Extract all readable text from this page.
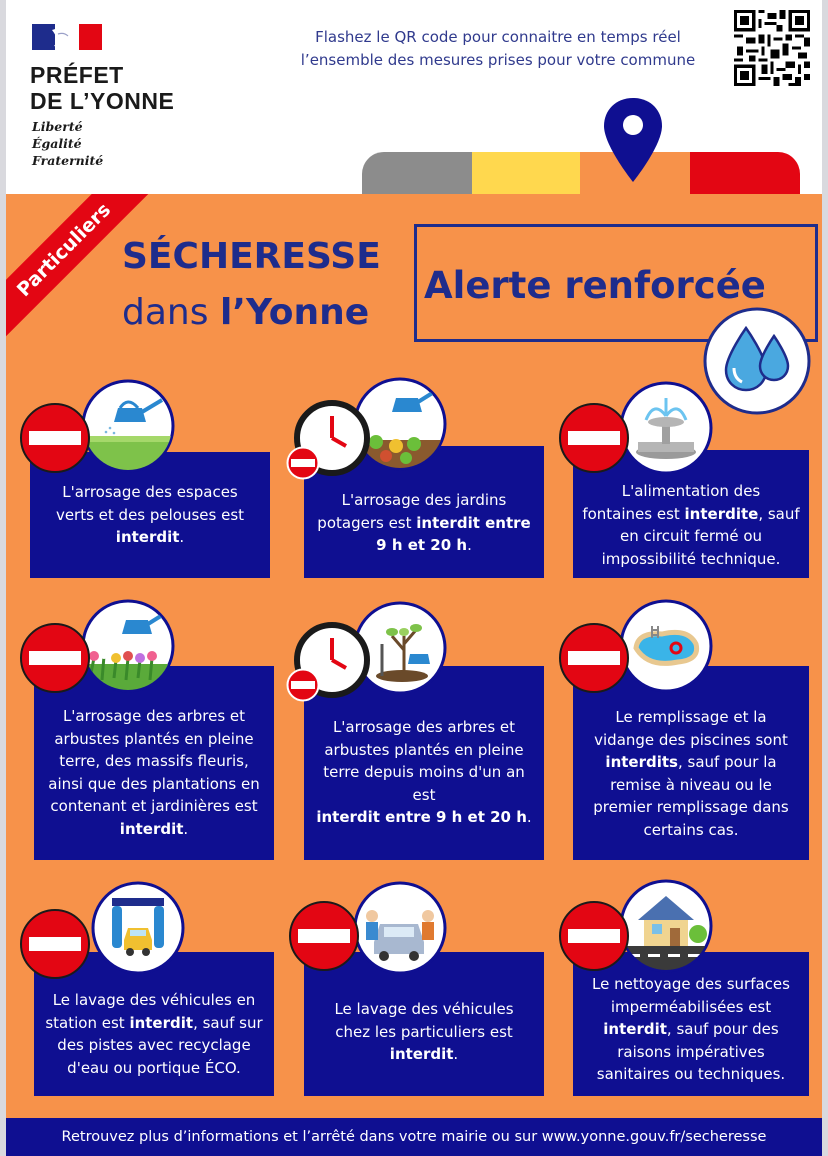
PRÉFET
DE L’YONNE
Liberté
Égalité
Fraternité
Flashez le QR code pour connaitre en temps réel
l’ensemble des mesures prises pour votre commune
Particuliers SÉCHERESSE
dans l’Yonne
Alerte renforcée
L'arrosage des espaces
verts et des pelouses est
interdit.
L'arrosage des jardins
potagers est interdit entre
9 h et 20 h.
L'alimentation des
fontaines est interdite, sauf
en circuit fermé ou
impossibilité technique.
L'arrosage des arbres et
arbustes plantés en pleine
terre, des massifs fleuris,
ainsi que des plantations en
contenant et jardinières est
interdit.
L'arrosage des arbres et
arbustes plantés en pleine
terre depuis moins d'un an
est
interdit entre 9 h et 20 h.
Le remplissage et la
vidange des piscines sont
interdits, sauf pour la
remise à niveau ou le
premier remplissage dans
certains cas.
Le lavage des véhicules en
station est interdit, sauf sur
des pistes avec recyclage
d'eau ou portique ÉCO.
Le lavage des véhicules
chez les particuliers est
interdit.
Le nettoyage des surfaces
imperméabilisées est
interdit, sauf pour des
raisons impératives
sanitaires ou techniques.
Retrouvez plus d’informations et l’arrêté dans votre mairie ou sur www.yonne.gouv.fr/secheresse
